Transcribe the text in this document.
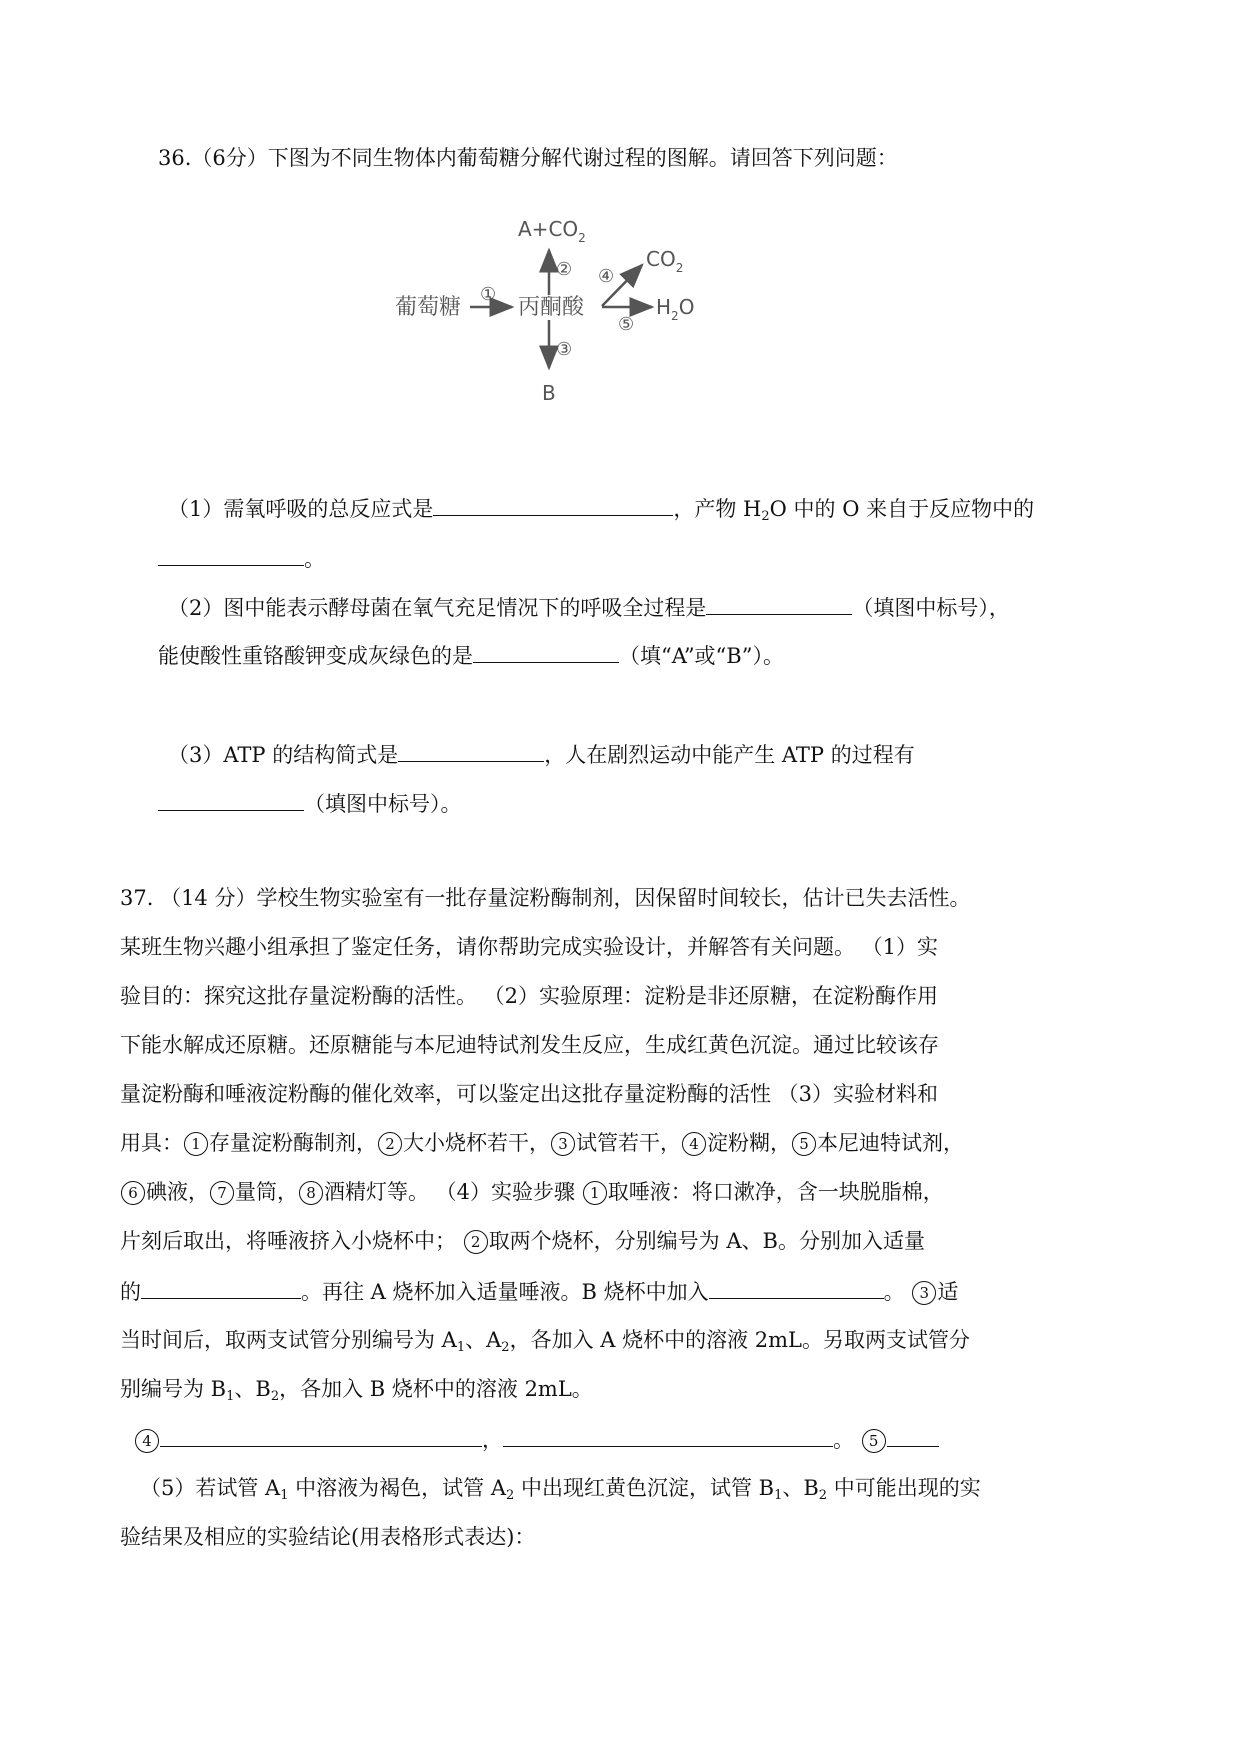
36.（6分）下图为不同生物体内葡萄糖分解代谢过程的图解。请回答下列问题：
$A+CO_2$
②
葡萄糖
①
丙酮酸
④
$CO_2$
⑤
$H_2O$
③
B
（1）需氧呼吸的总反应式是	，产物 $H_2O$ 中的 O 来自于反应物中的
。
（2）图中能表示酵母菌在氧气充足情况下的呼吸全过程是	（填图中标号），
能使酸性重铬酸钾变成灰绿色的是	（填“A”或“B”）。
（3）ATP 的结构简式是	，人在剧烈运动中能产生 ATP 的过程有
（填图中标号）。
37. （14 分）学校生物实验室有一批存量淀粉酶制剂，因保留时间较长，估计已失去活性。
某班生物兴趣小组承担了鉴定任务，请你帮助完成实验设计，并解答有关问题。 （1）实
验目的：探究这批存量淀粉酶的活性。 （2）实验原理：淀粉是非还原糖，在淀粉酶作用
下能水解成还原糖。还原糖能与本尼迪特试剂发生反应，生成红黄色沉淀。通过比较该存
量淀粉酶和唾液淀粉酶的催化效率，可以鉴定出这批存量淀粉酶的活性 （3）实验材料和
用具： 1 存量淀粉酶制剂， 2 大小烧杯若干， 3 试管若干， 4 淀粉糊， 5 本尼迪特试剂，
6 碘液， 7 量筒， 8 酒精灯等。 （4）实验步骤 1 取唾液：将口漱净，含一块脱脂棉，
片刻后取出，将唾液挤入小烧杯中； 2 取两个烧杯，分别编号为 A、B。分别加入适量
的	。再往 A 烧杯加入适量唾液。B 烧杯中加入	。 3 适
当时间后，取两支试管分别编号为 $A_1$、$A_2$，各加入 A 烧杯中的溶液 2mL。另取两支试管分
别编号为 $B_1$、$B_2$，各加入 B 烧杯中的溶液 2mL。
4	，	。 5
（5）若试管 $A_1$ 中溶液为褐色，试管 $A_2$ 中出现红黄色沉淀，试管 $B_1$、$B_2$ 中可能出现的实
验结果及相应的实验结论(用表格形式表达)：
